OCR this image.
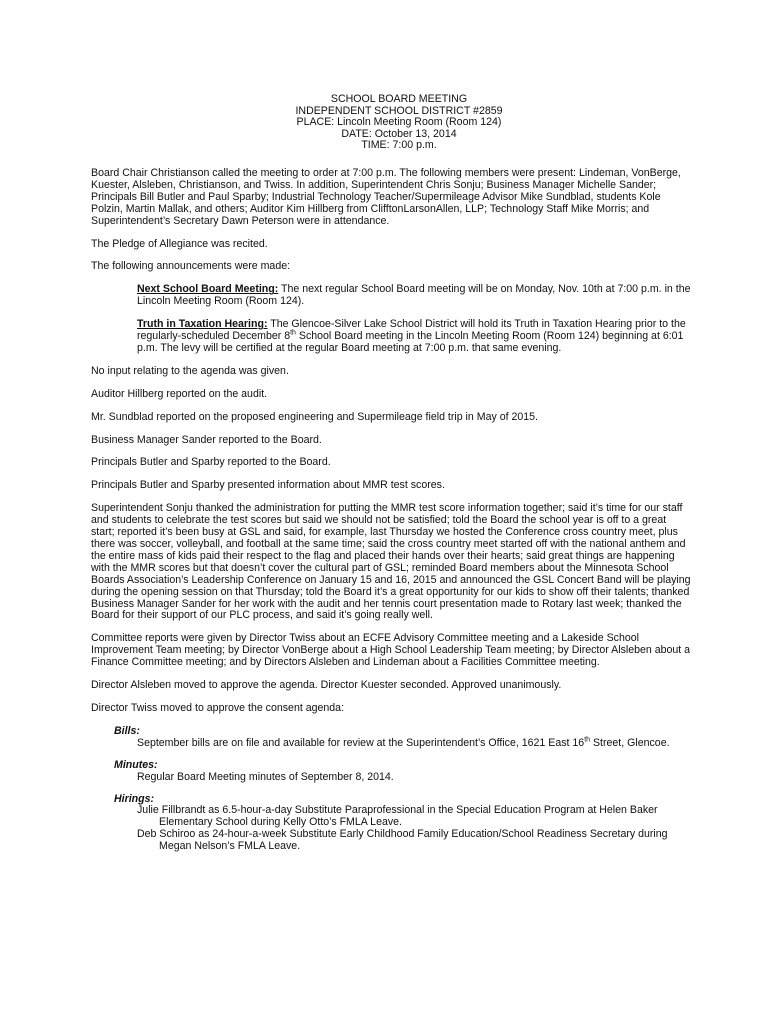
SCHOOL BOARD MEETING
INDEPENDENT SCHOOL DISTRICT #2859
PLACE: Lincoln Meeting Room (Room 124)
DATE: October 13, 2014
TIME: 7:00 p.m.

Board Chair Christianson called the meeting to order at 7:00 p.m. The following members were present: Lindeman, VonBerge, Kuester, Alsleben, Christianson, and Twiss. In addition, Superintendent Chris Sonju; Business Manager Michelle Sander; Principals Bill Butler and Paul Sparby; Industrial Technology Teacher/Supermileage Advisor Mike Sundblad, students Kole Polzin, Martin Mallak, and others; Auditor Kim Hillberg from ClifftonLarsonAllen, LLP; Technology Staff Mike Morris; and Superintendent’s Secretary Dawn Peterson were in attendance.

The Pledge of Allegiance was recited.

The following announcements were made:

Next School Board Meeting: The next regular School Board meeting will be on Monday, Nov. 10th at 7:00 p.m. in the Lincoln Meeting Room (Room 124).

Truth in Taxation Hearing: The Glencoe-Silver Lake School District will hold its Truth in Taxation Hearing prior to the regularly-scheduled December 8th School Board meeting in the Lincoln Meeting Room (Room 124) beginning at 6:01 p.m. The levy will be certified at the regular Board meeting at 7:00 p.m. that same evening.

No input relating to the agenda was given.

Auditor Hillberg reported on the audit.

Mr. Sundblad reported on the proposed engineering and Supermileage field trip in May of 2015.

Business Manager Sander reported to the Board.

Principals Butler and Sparby reported to the Board.

Principals Butler and Sparby presented information about MMR test scores.

Superintendent Sonju thanked the administration for putting the MMR test score information together; said it’s time for our staff and students to celebrate the test scores but said we should not be satisfied; told the Board the school year is off to a great start; reported it’s been busy at GSL and said, for example, last Thursday we hosted the Conference cross country meet, plus there was soccer, volleyball, and football at the same time; said the cross country meet started off with the national anthem and the entire mass of kids paid their respect to the flag and placed their hands over their hearts; said great things are happening with the MMR scores but that doesn’t cover the cultural part of GSL; reminded Board members about the Minnesota School Boards Association’s Leadership Conference on January 15 and 16, 2015 and announced the GSL Concert Band will be playing during the opening session on that Thursday; told the Board it’s a great opportunity for our kids to show off their talents; thanked Business Manager Sander for her work with the audit and her tennis court presentation made to Rotary last week; thanked the Board for their support of our PLC process, and said it’s going really well.

Committee reports were given by Director Twiss about an ECFE Advisory Committee meeting and a Lakeside School Improvement Team meeting; by Director VonBerge about a High School Leadership Team meeting; by Director Alsleben about a Finance Committee meeting; and by Directors Alsleben and Lindeman about a Facilities Committee meeting.

Director Alsleben moved to approve the agenda. Director Kuester seconded. Approved unanimously.

Director Twiss moved to approve the consent agenda:

Bills:

September bills are on file and available for review at the Superintendent’s Office, 1621 East 16th Street, Glencoe.

Minutes:

Regular Board Meeting minutes of September 8, 2014.

Hirings:

Julie Fillbrandt as 6.5-hour-a-day Substitute Paraprofessional in the Special Education Program at Helen Baker Elementary School during Kelly Otto’s FMLA Leave.

Deb Schiroo as 24-hour-a-week Substitute Early Childhood Family Education/School Readiness Secretary during Megan Nelson’s FMLA Leave.
